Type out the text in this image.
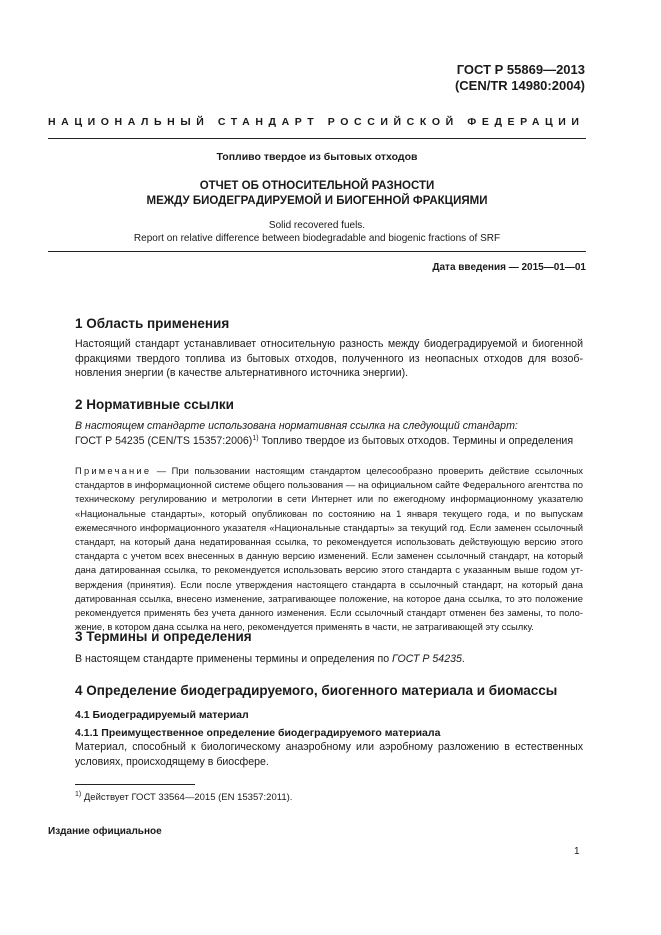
ГОСТ Р 55869—2013
(CEN/TR 14980:2004)
НАЦИОНАЛЬНЫЙ СТАНДАРТ РОССИЙСКОЙ ФЕДЕРАЦИИ
Топливо твердое из бытовых отходов
ОТЧЕТ ОБ ОТНОСИТЕЛЬНОЙ РАЗНОСТИ
МЕЖДУ БИОДЕГРАДИРУЕМОЙ И БИОГЕННОЙ ФРАКЦИЯМИ
Solid recovered fuels.
Report on relative difference between biodegradable and biogenic fractions of SRF
Дата введения — 2015—01—01
1 Область применения

Настоящий стандарт устанавливает относительную разность между биодеградируемой и биогенной фракциями твердого топлива из бытовых отходов, полученного из неопасных отходов для возобновления энергии (в качестве альтернативного источника энергии).

2 Нормативные ссылки

В настоящем стандарте использована нормативная ссылка на следующий стандарт:

ГОСТ Р 54235 (CEN/TS 15357:2006)$^{1)}$ Топливо твердое из бытовых отходов. Термины и определения

Примечание — При пользовании настоящим стандартом целесообразно проверить действие ссылочных стандартов в информационной системе общего пользования — на официальном сайте Федерального агентства по техническому регулированию и метрологии в сети Интернет или по ежегодному информационному указателю «Национальные стандарты», который опубликован по состоянию на 1 января текущего года, и по выпускам ежемесячного информационного указателя «Национальные стандарты» за текущий год. Если заменен ссылочный стандарт, на который дана недатированная ссылка, то рекомендуется использовать действующую версию этого стандарта с учетом всех внесенных в данную версию изменений. Если заменен ссылочный стандарт, на который дана датированная ссылка, то рекомендуется использовать версию этого стандарта с указанным выше годом утверждения (принятия). Если после утверждения настоящего стандарта в ссылочный стандарт, на который дана датированная ссылка, внесено изменение, затрагивающее положение, на которое дана ссылка, то это положение рекомендуется применять без учета данного изменения. Если ссылочный стандарт отменен без замены, то положение, в котором дана ссылка на него, рекомендуется применять в части, не затрагивающей эту ссылку.
3 Термины и определения

В настоящем стандарте применены термины и определения по ГОСТ Р 54235.

4 Определение биодеградируемого, биогенного материала и биомассы
4.1 Биодеградируемый материал
4.1.1 Преимущественное определение биодеградируемого материала

Материал, способный к биологическому анаэробному или аэробному разложению в естественных условиях, происходящему в биосфере.

$^{1)}$ Действует ГОСТ 33564—2015 (EN 15357:2011).
Издание официальное
1
